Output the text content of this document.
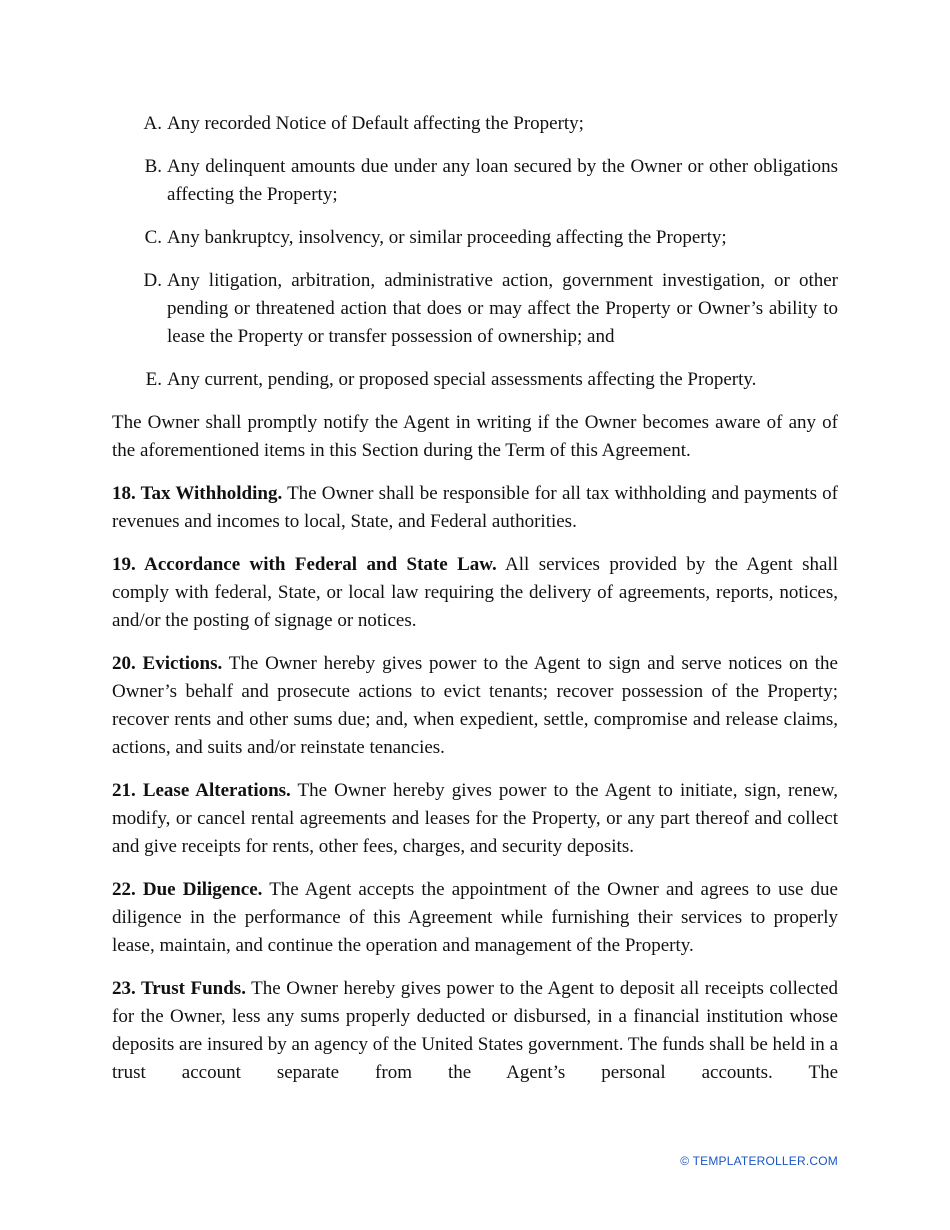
A. Any recorded Notice of Default affecting the Property;
B. Any delinquent amounts due under any loan secured by the Owner or other obligations affecting the Property;
C. Any bankruptcy, insolvency, or similar proceeding affecting the Property;
D. Any litigation, arbitration, administrative action, government investigation, or other pending or threatened action that does or may affect the Property or Owner’s ability to lease the Property or transfer possession of ownership; and
E. Any current, pending, or proposed special assessments affecting the Property.

The Owner shall promptly notify the Agent in writing if the Owner becomes aware of any of the aforementioned items in this Section during the Term of this Agreement.

18. Tax Withholding. The Owner shall be responsible for all tax withholding and payments of revenues and incomes to local, State, and Federal authorities.

19. Accordance with Federal and State Law. All services provided by the Agent shall comply with federal, State, or local law requiring the delivery of agreements, reports, notices, and/or the posting of signage or notices.

20. Evictions. The Owner hereby gives power to the Agent to sign and serve notices on the Owner’s behalf and prosecute actions to evict tenants; recover possession of the Property; recover rents and other sums due; and, when expedient, settle, compromise and release claims, actions, and suits and/or reinstate tenancies.

21. Lease Alterations. The Owner hereby gives power to the Agent to initiate, sign, renew, modify, or cancel rental agreements and leases for the Property, or any part thereof and collect and give receipts for rents, other fees, charges, and security deposits.

22. Due Diligence. The Agent accepts the appointment of the Owner and agrees to use due diligence in the performance of this Agreement while furnishing their services to properly lease, maintain, and continue the operation and management of the Property.

23. Trust Funds. The Owner hereby gives power to the Agent to deposit all receipts collected for the Owner, less any sums properly deducted or disbursed, in a financial institution whose deposits are insured by an agency of the United States government. The funds shall be held in a trust account separate from the Agent’s personal accounts. The

© TEMPLATEROLLER.COM
